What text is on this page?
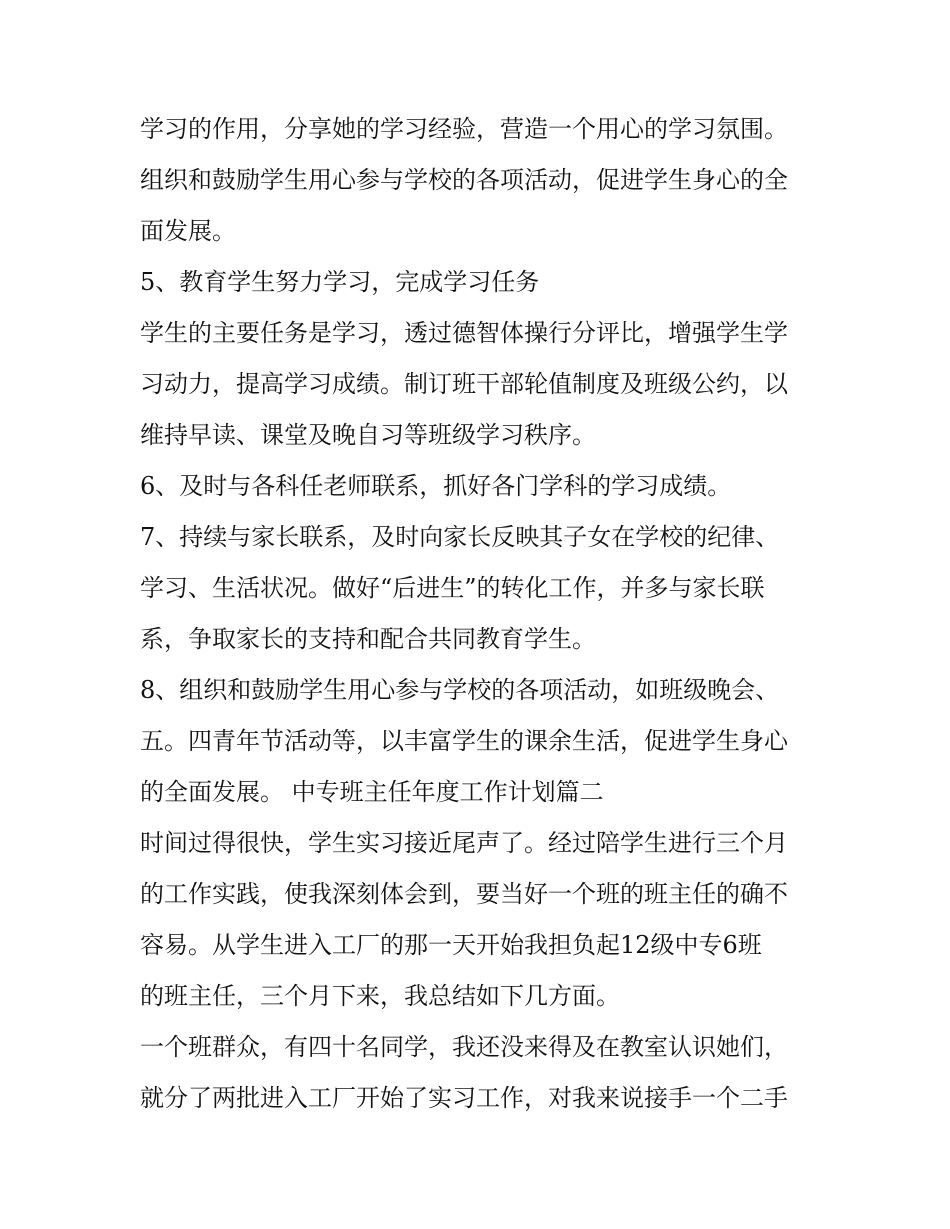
学习的作用，分享她的学习经验，营造一个用心的学习氛围。
组织和鼓励学生用心参与学校的各项活动，促进学生身心的全
面发展。
5、教育学生努力学习，完成学习任务
学生的主要任务是学习，透过德智体操行分评比，增强学生学
习动力，提高学习成绩。制订班干部轮值制度及班级公约，以
维持早读、课堂及晚自习等班级学习秩序。
6、及时与各科任老师联系，抓好各门学科的学习成绩。
7、持续与家长联系，及时向家长反映其子女在学校的纪律、
学习、生活状况。做好“后进生”的转化工作，并多与家长联
系，争取家长的支持和配合共同教育学生。
8、组织和鼓励学生用心参与学校的各项活动，如班级晚会、
五。四青年节活动等，以丰富学生的课余生活，促进学生身心
的全面发展。 中专班主任年度工作计划篇二
时间过得很快，学生实习接近尾声了。经过陪学生进行三个月
的工作实践，使我深刻体会到，要当好一个班的班主任的确不
容易。从学生进入工厂的那一天开始我担负起12级中专6班
的班主任，三个月下来，我总结如下几方面。
一个班群众，有四十名同学，我还没来得及在教室认识她们，
就分了两批进入工厂开始了实习工作，对我来说接手一个二手
